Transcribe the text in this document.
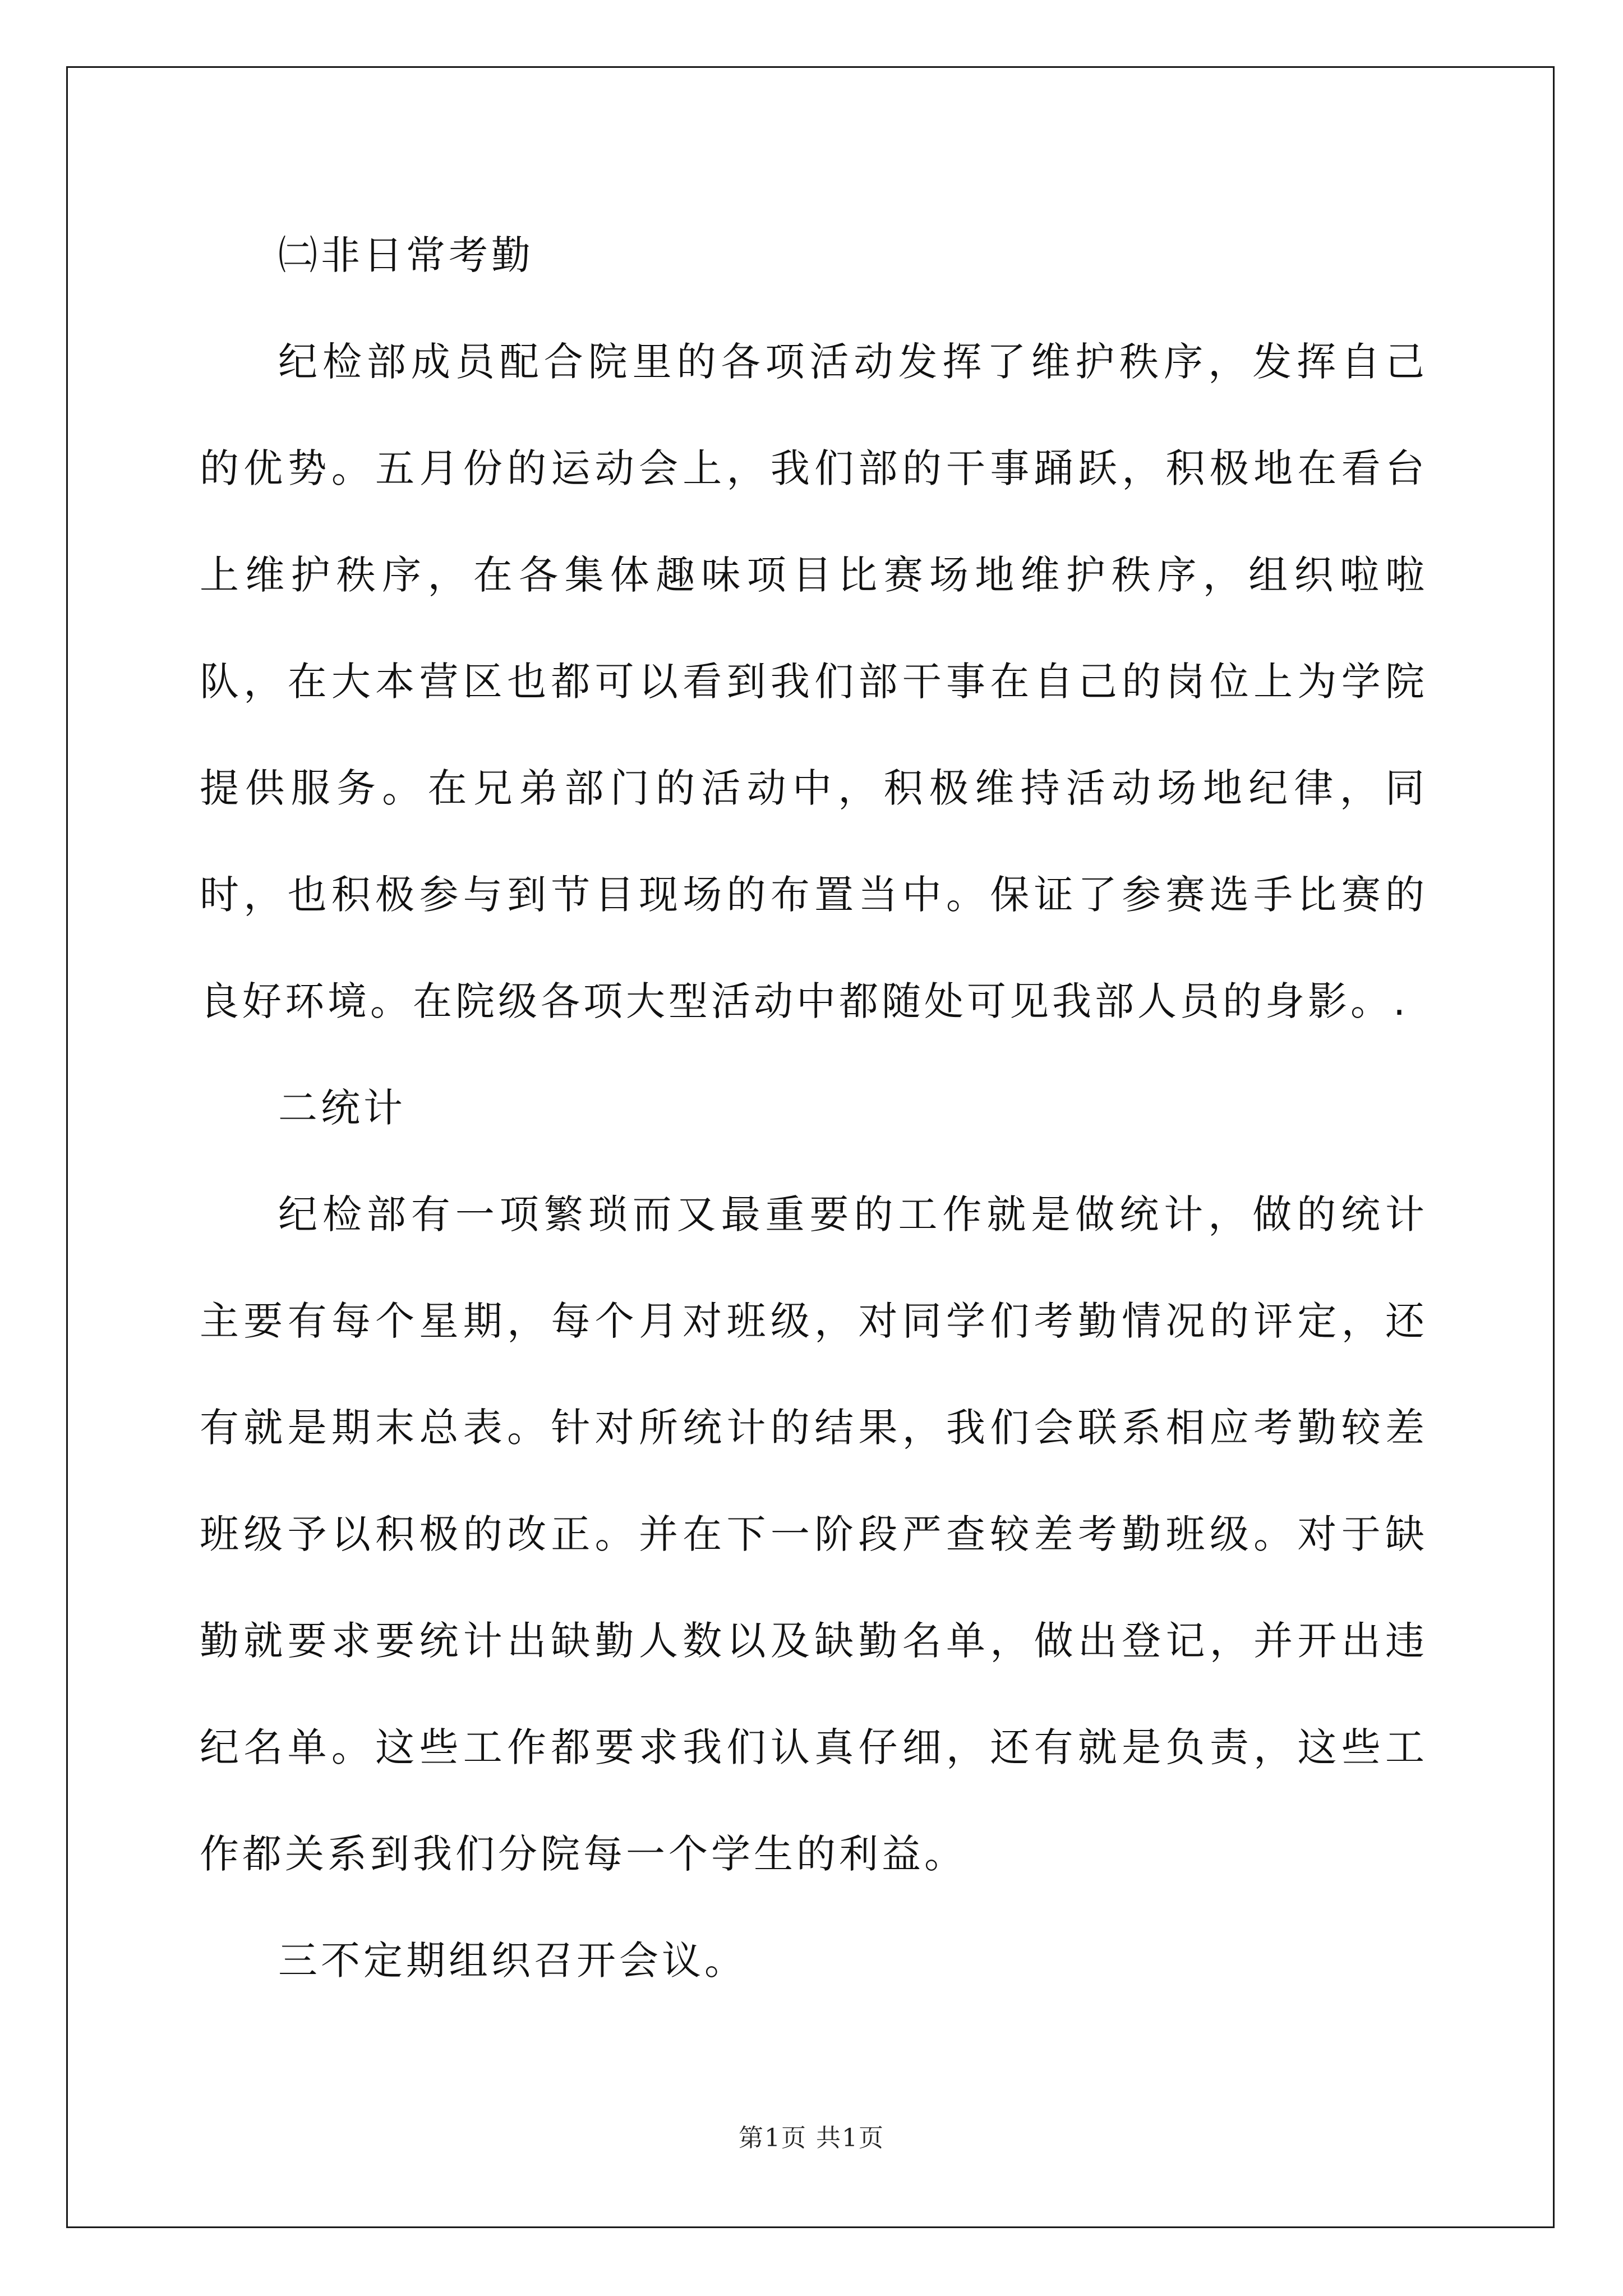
㈡非日常考勤

纪检部成员配合院里的各项活动发挥了维护秩序，发挥自己的优势。五月份的运动会上，我们部的干事踊跃，积极地在看台上维护秩序，在各集体趣味项目比赛场地维护秩序，组织啦啦队，在大本营区也都可以看到我们部干事在自己的岗位上为学院提供服务。在兄弟部门的活动中，积极维持活动场地纪律，同时，也积极参与到节目现场的布置当中。保证了参赛选手比赛的良好环境。在院级各项大型活动中都随处可见我部人员的身影。.

二统计

纪检部有一项繁琐而又最重要的工作就是做统计，做的统计主要有每个星期，每个月对班级，对同学们考勤情况的评定，还有就是期末总表。针对所统计的结果，我们会联系相应考勤较差班级予以积极的改正。并在下一阶段严查较差考勤班级。对于缺勤就要求要统计出缺勤人数以及缺勤名单，做出登记，并开出违纪名单。这些工作都要求我们认真仔细，还有就是负责，这些工作都关系到我们分院每一个学生的利益。

三不定期组织召开会议。

第1页 共1页
